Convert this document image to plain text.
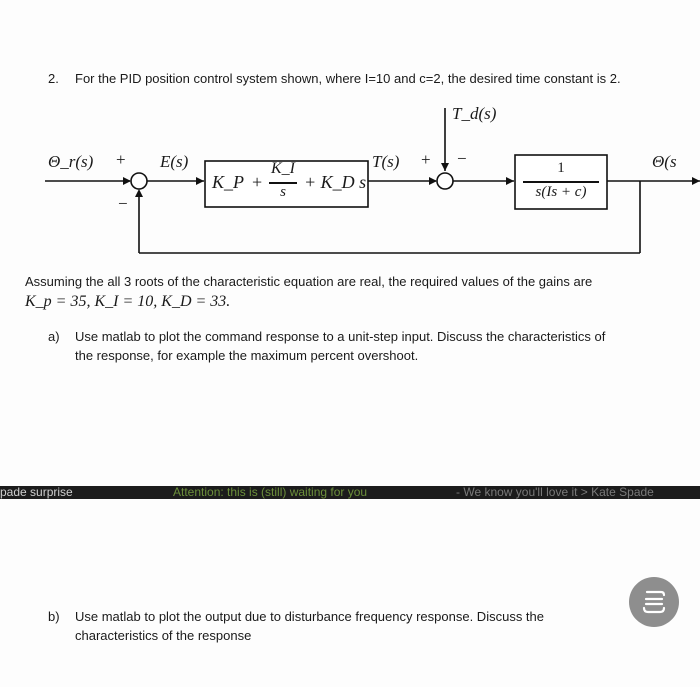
2. For the PID position control system shown, where I=10 and c=2, the desired time constant is 2.
T_d(s)
Θ_r(s) +
−
E(s)	T(s) + −	Θ(s
K_P +
K_I
s	+ K_D s
1
s(Is + c)
Assuming the all 3 roots of the characteristic equation are real, the required values of the gains are
K_p = 35, K_I = 10, K_D = 33.
a) Use matlab to plot the command response to a unit-step input. Discuss the characteristics of
the response, for example the maximum percent overshoot.
pade surprise	Attention: this is (still) waiting for you	- We know you'll love it > Kate Spade
b) Use matlab to plot the output due to disturbance frequency response. Discuss the
characteristics of the response
